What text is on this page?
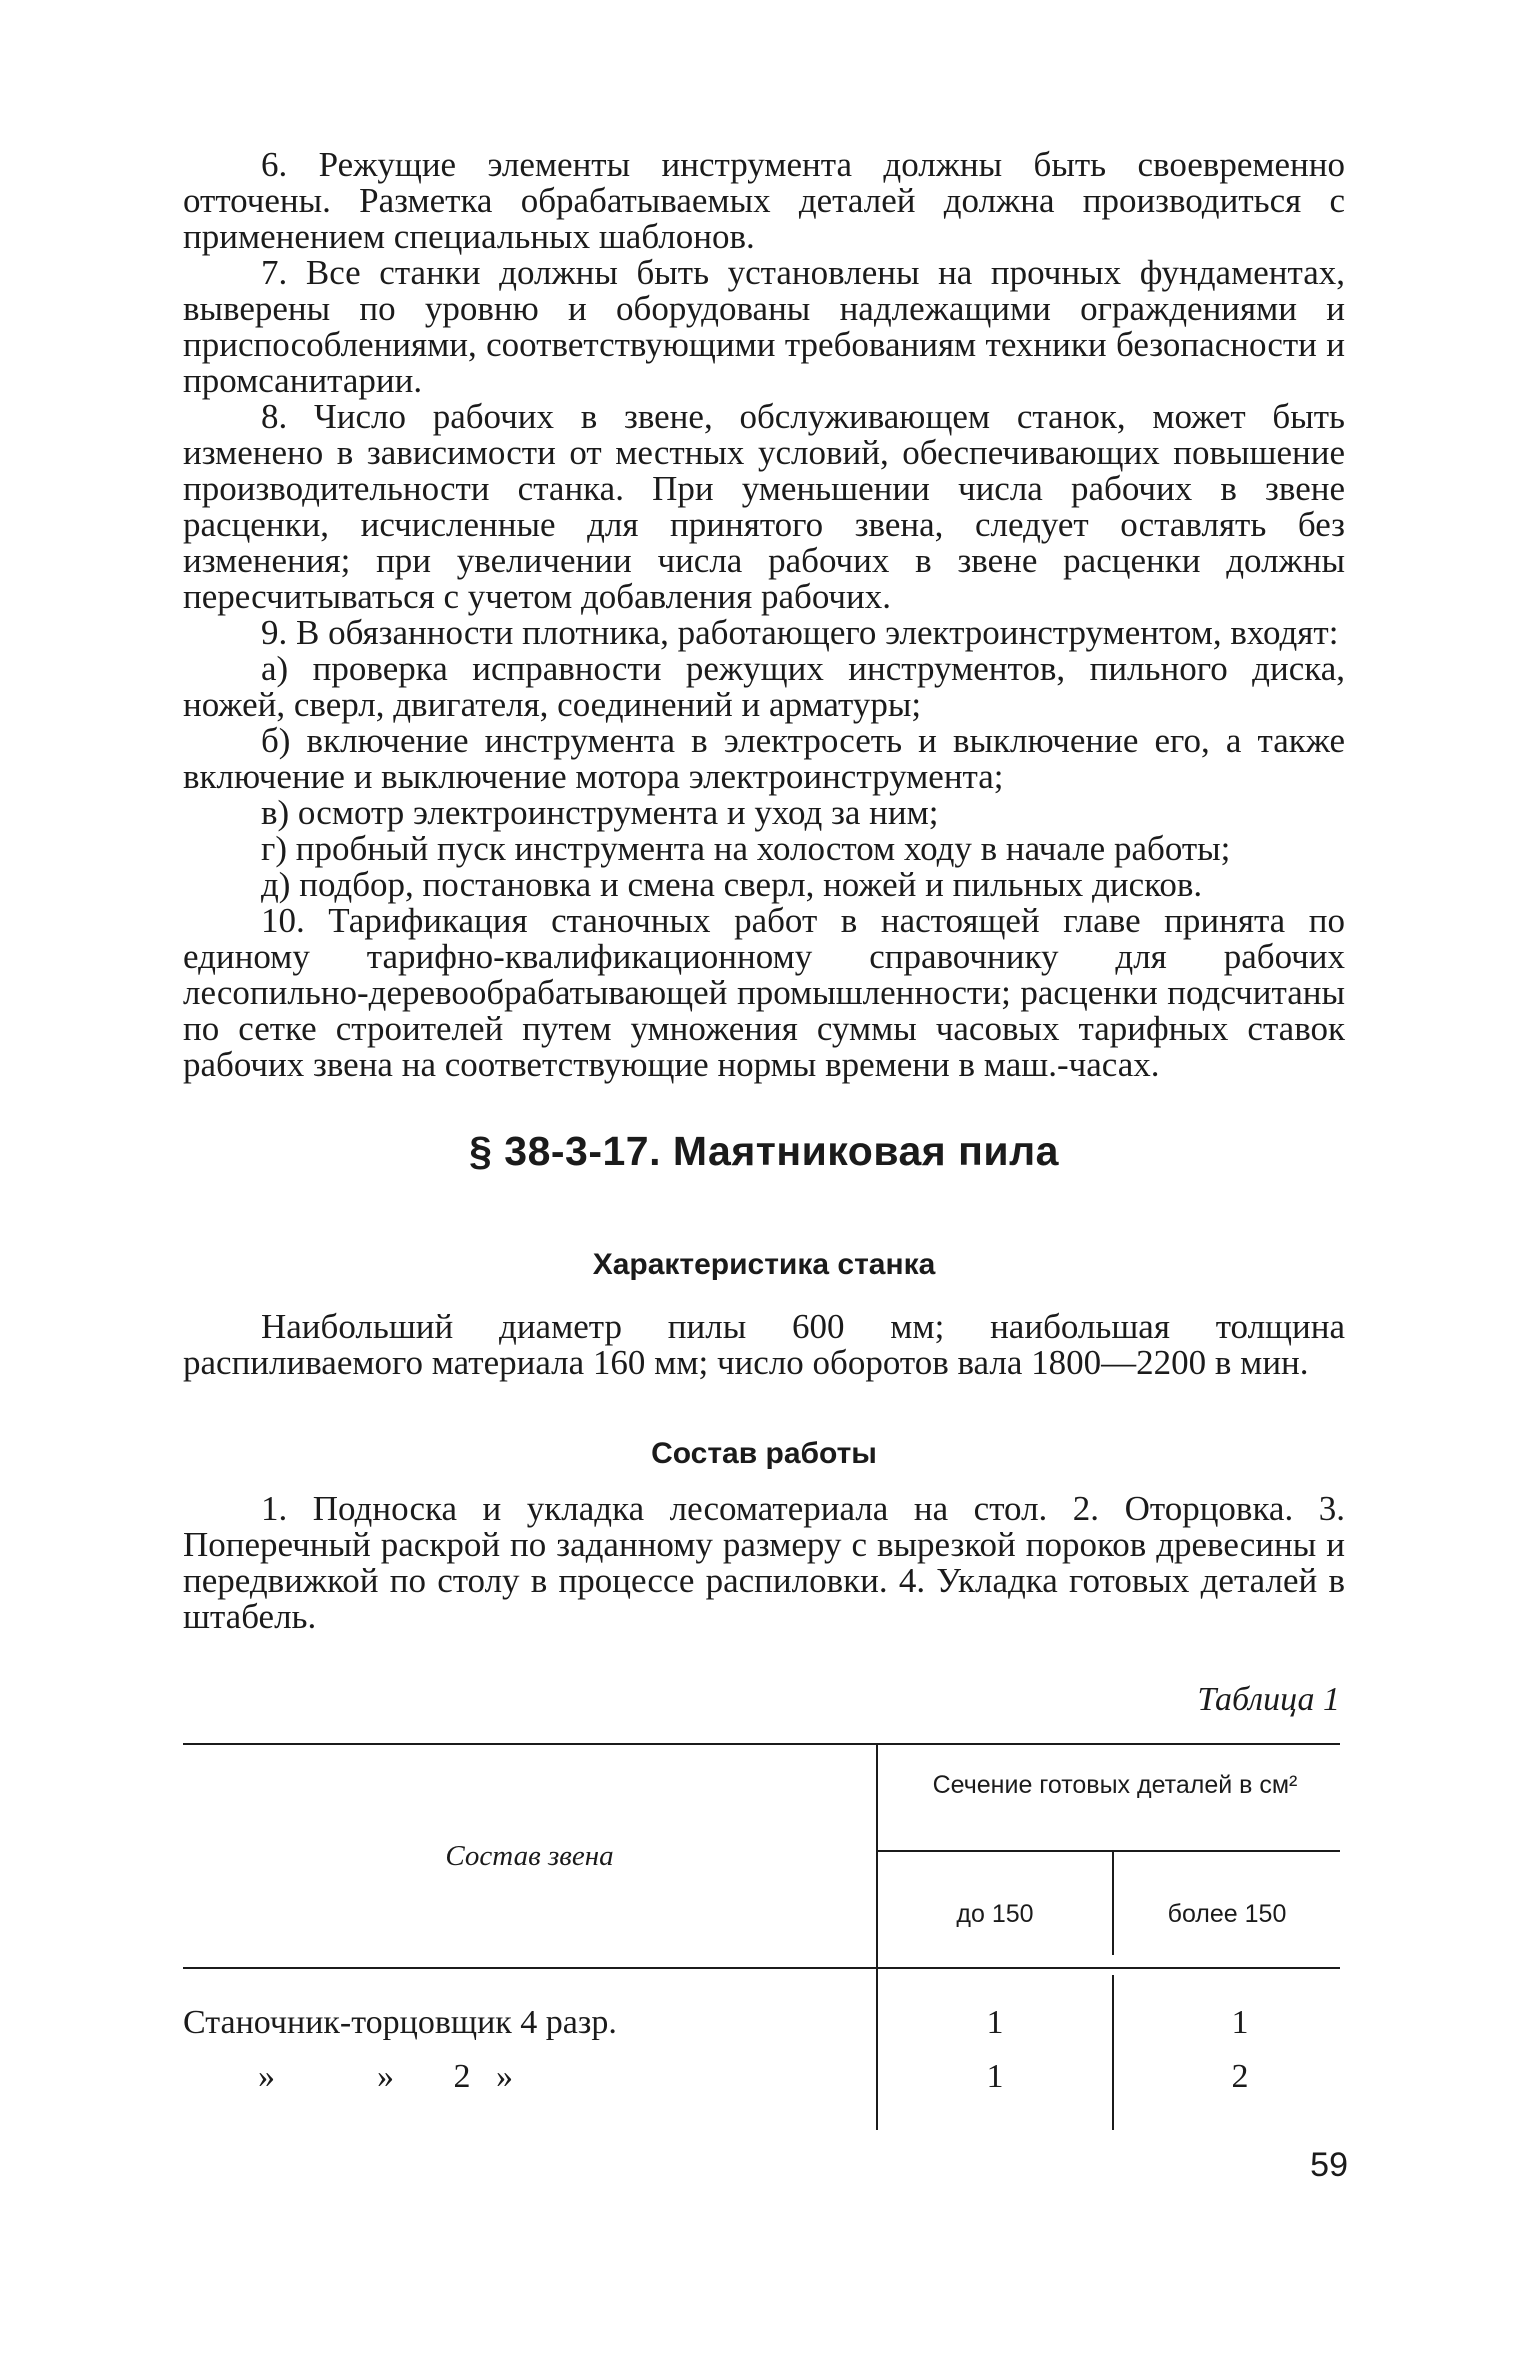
6. Режущие элементы инструмента должны быть своевременно отточены. Разметка обрабатываемых деталей должна производиться с применением специальных шаблонов.

7. Все станки должны быть установлены на прочных фундаментах, выверены по уровню и оборудованы надлежащими ограждениями и приспособлениями, соответствующими требованиям техники безопасности и промсанитарии.

8. Число рабочих в звене, обслуживающем станок, может быть изменено в зависимости от местных условий, обеспечивающих повышение производительности станка. При уменьшении числа рабочих в звене расценки, исчисленные для принятого звена, следует оставлять без изменения; при увеличении числа рабочих в звене расценки должны пересчитываться с учетом добавления рабочих.

9. В обязанности плотника, работающего электроинструментом, входят:

а) проверка исправности режущих инструментов, пильного диска, ножей, сверл, двигателя, соединений и арматуры;

б) включение инструмента в электросеть и выключение его, а также включение и выключение мотора электроинструмента;

в) осмотр электроинструмента и уход за ним;

г) пробный пуск инструмента на холостом ходу в начале работы;

д) подбор, постановка и смена сверл, ножей и пильных дисков.

10. Тарификация станочных работ в настоящей главе принята по единому тарифно-квалификационному справочнику для рабочих лесопильно-деревообрабатывающей промышленности; расценки подсчитаны по сетке строителей путем умножения суммы часовых тарифных ставок рабочих звена на соответствующие нормы времени в маш.-часах.

§ 38-3-17. Маятниковая пила
Характеристика станка

Наибольший диаметр пилы 600 мм; наибольшая толщина распиливаемого материала 160 мм; число оборотов вала 1800—2200 в мин.

Состав работы

1. Подноска и укладка лесоматериала на стол. 2. Оторцовка. 3. Поперечный раскрой по заданному размеру с вырезкой пороков древесины и передвижкой по столу в процессе распиловки. 4. Укладка готовых деталей в штабель.

Таблица 1
Состав звена
Сечение готовых деталей в см²
до 150	более 150
Станочник-торцовщик 4 разр.	1	1
»            »       2   »	1	2
59
